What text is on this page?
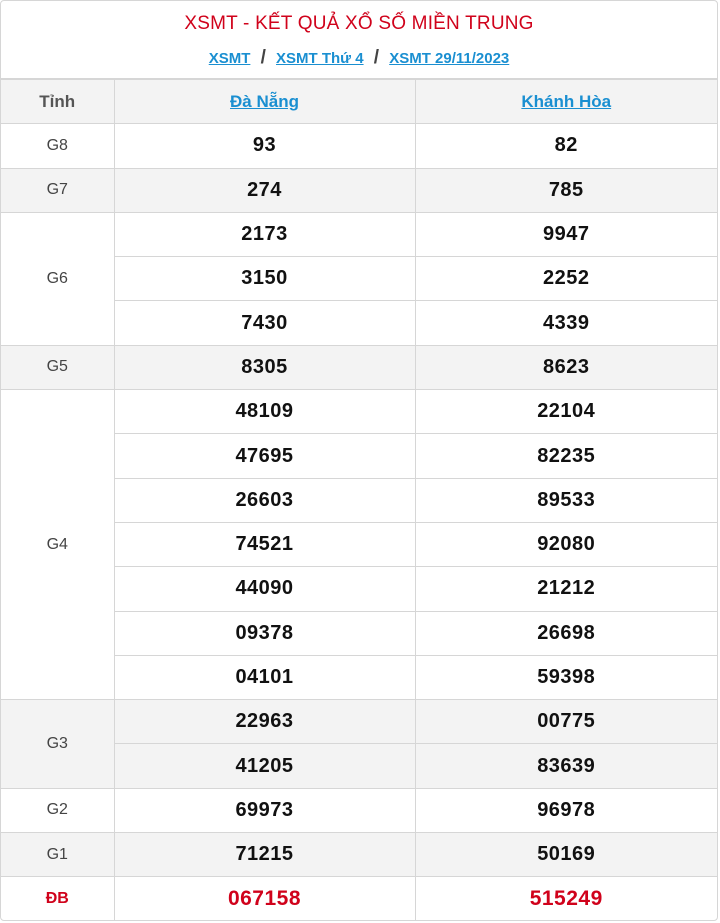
XSMT - KẾT QUẢ XỔ SỐ MIỀN TRUNG
XSMT / XSMT Thứ 4 / XSMT 29/11/2023
Tỉnh	Đà Nẵng	Khánh Hòa
G8	93	82
G7	274	785
G6	2173	9947
	3150	2252
	7430	4339
G5	8305	8623
G4	48109	22104
	47695	82235
	26603	89533
	74521	92080
	44090	21212
	09378	26698
	04101	59398
G3	22963	00775
	41205	83639
G2	69973	96978
G1	71215	50169
ĐB	067158	515249
